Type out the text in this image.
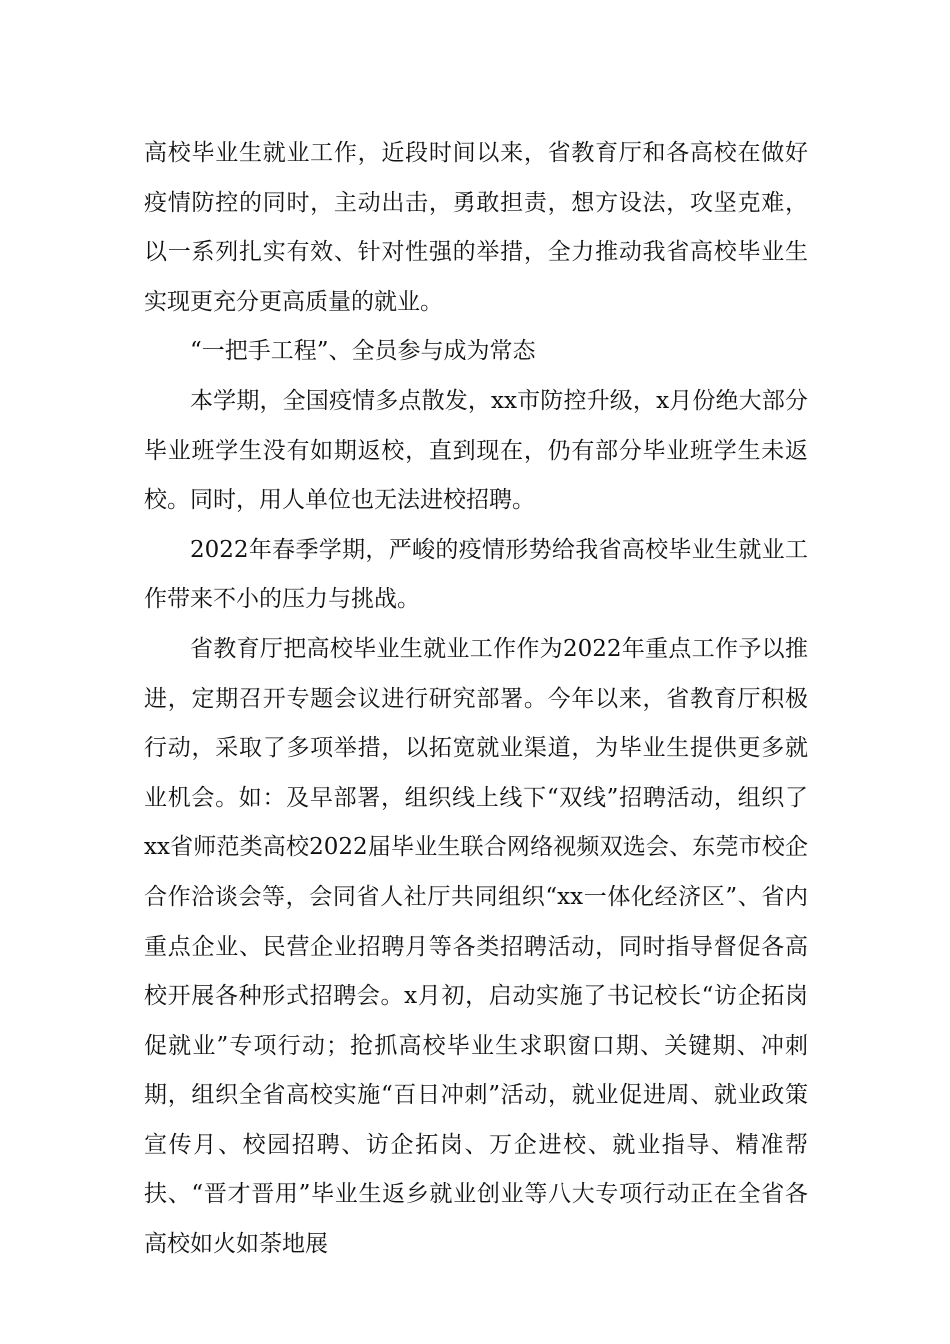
高校毕业生就业工作，近段时间以来，省教育厅和各高校在做好疫情防控的同时，主动出击，勇敢担责，想方设法，攻坚克难，以一系列扎实有效、针对性强的举措，全力推动我省高校毕业生实现更充分更高质量的就业。

“一把手工程”、全员参与成为常态

本学期，全国疫情多点散发，xx市防控升级，x月份绝大部分毕业班学生没有如期返校，直到现在，仍有部分毕业班学生未返校。同时，用人单位也无法进校招聘。

2022年春季学期，严峻的疫情形势给我省高校毕业生就业工作带来不小的压力与挑战。

省教育厅把高校毕业生就业工作作为2022年重点工作予以推进，定期召开专题会议进行研究部署。今年以来，省教育厅积极行动，采取了多项举措，以拓宽就业渠道，为毕业生提供更多就业机会。如：及早部署，组织线上线下“双线”招聘活动，组织了xx省师范类高校2022届毕业生联合网络视频双选会、东莞市校企合作洽谈会等，会同省人社厅共同组织“xx一体化经济区”、省内重点企业、民营企业招聘月等各类招聘活动，同时指导督促各高校开展各种形式招聘会。x月初，启动实施了书记校长“访企拓岗促就业”专项行动；抢抓高校毕业生求职窗口期、关键期、冲刺期，组织全省高校实施“百日冲刺”活动，就业促进周、就业政策宣传月、校园招聘、访企拓岗、万企进校、就业指导、精准帮扶、“晋才晋用”毕业生返乡就业创业等八大专项行动正在全省各高校如火如荼地展
